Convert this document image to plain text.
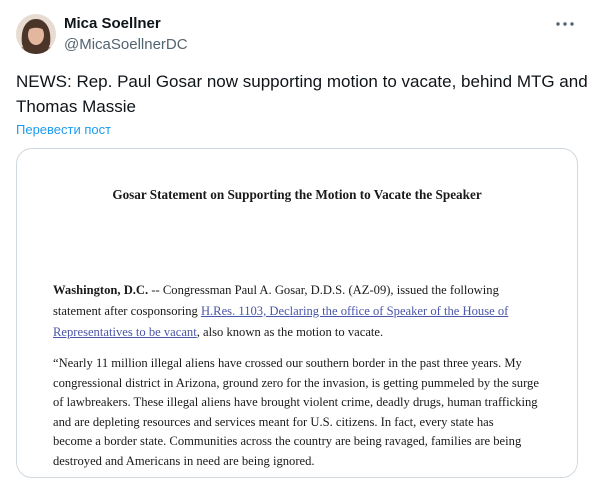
Mica Soellner
@MicaSoellnerDC
NEWS: Rep. Paul Gosar now supporting motion to vacate, behind MTG and
Thomas Massie
Перевести пост
Gosar Statement on Supporting the Motion to Vacate the Speaker
Washington, D.C. -- Congressman Paul A. Gosar, D.D.S. (AZ-09), issued the following
statement after cosponsoring H.Res. 1103, Declaring the office of Speaker of the House of
Representatives to be vacant, also known as the motion to vacate.
“Nearly 11 million illegal aliens have crossed our southern border in the past three years. My
congressional district in Arizona, ground zero for the invasion, is getting pummeled by the surge
of lawbreakers. These illegal aliens have brought violent crime, deadly drugs, human trafficking
and are depleting resources and services meant for U.S. citizens. In fact, every state has
become a border state. Communities across the country are being ravaged, families are being
destroyed and Americans in need are being ignored.
